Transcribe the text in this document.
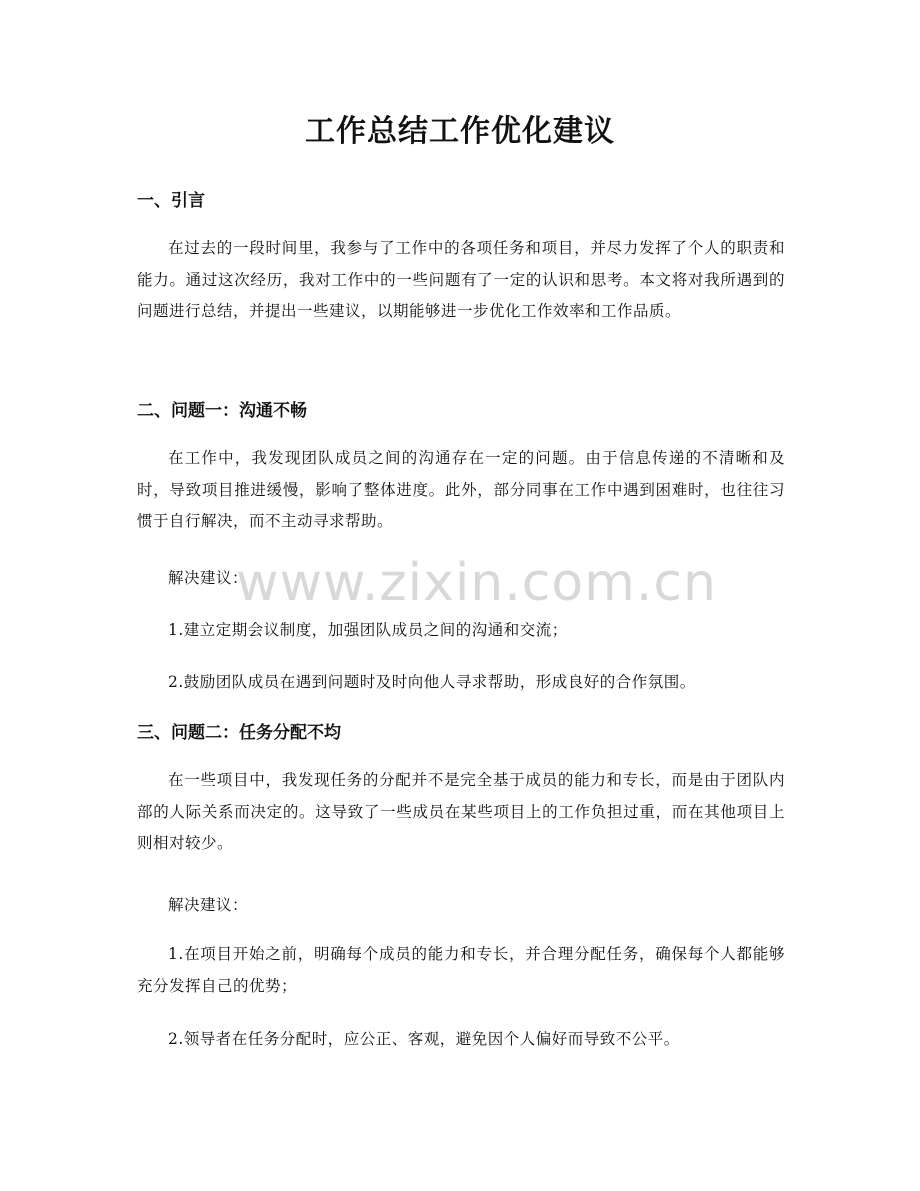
工作总结工作优化建议
一、引言

在过去的一段时间里，我参与了工作中的各项任务和项目，并尽力发挥了个人的职责和能力。通过这次经历，我对工作中的一些问题有了一定的认识和思考。本文将对我所遇到的问题进行总结，并提出一些建议，以期能够进一步优化工作效率和工作品质。

二、问题一：沟通不畅

在工作中，我发现团队成员之间的沟通存在一定的问题。由于信息传递的不清晰和及时，导致项目推进缓慢，影响了整体进度。此外，部分同事在工作中遇到困难时，也往往习惯于自行解决，而不主动寻求帮助。

解决建议：
1.建立定期会议制度，加强团队成员之间的沟通和交流；
2.鼓励团队成员在遇到问题时及时向他人寻求帮助，形成良好的合作氛围。
三、问题二：任务分配不均

在一些项目中，我发现任务的分配并不是完全基于成员的能力和专长，而是由于团队内部的人际关系而决定的。这导致了一些成员在某些项目上的工作负担过重，而在其他项目上则相对较少。

解决建议：

1.在项目开始之前，明确每个成员的能力和专长，并合理分配任务，确保每个人都能够充分发挥自己的优势；

2.领导者在任务分配时，应公正、客观，避免因个人偏好而导致不公平。
www.zixin.com.cn
